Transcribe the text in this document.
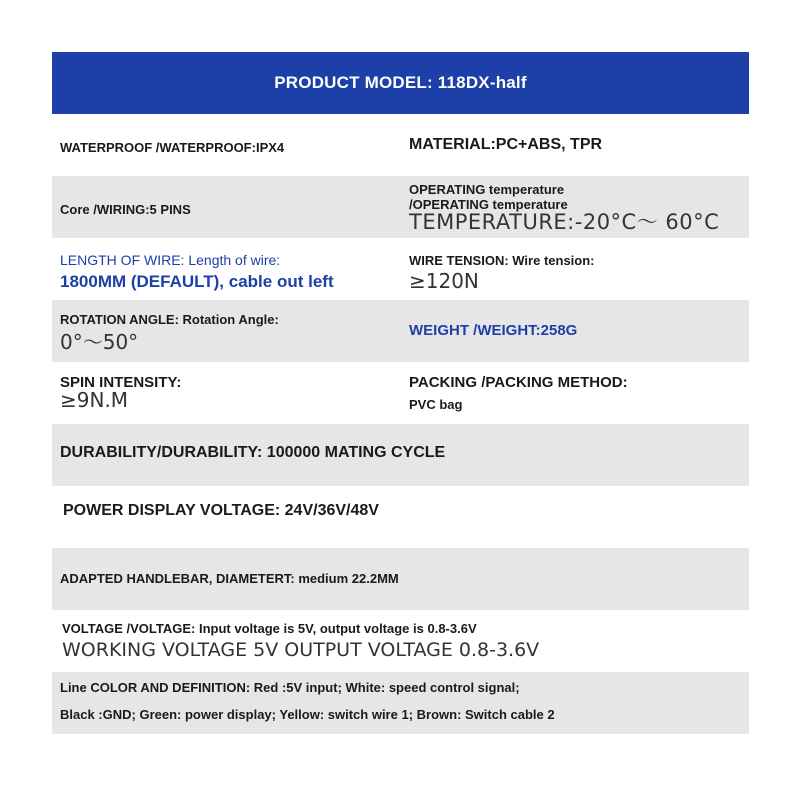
PRODUCT MODEL: 118DX-half
WATERPROOF /WATERPROOF:IPX4	MATERIAL:PC+ABS, TPR
Core /WIRING:5 PINS
OPERATING temperature
/OPERATING temperature
TEMPERATURE:-20°C～ 60°C
LENGTH OF WIRE: Length of wire:
1800MM (DEFAULT), cable out left
WIRE TENSION: Wire tension:
≥120N
ROTATION ANGLE: Rotation Angle:
0°～50°	WEIGHT /WEIGHT:258G
SPIN INTENSITY:
≥9N.M
PACKING /PACKING METHOD:
PVC bag
DURABILITY/DURABILITY: 100000 MATING CYCLE
POWER DISPLAY VOLTAGE: 24V/36V/48V
ADAPTED HANDLEBAR, DIAMETERT: medium 22.2MM
VOLTAGE /VOLTAGE: Input voltage is 5V, output voltage is 0.8-3.6V
WORKING VOLTAGE 5V OUTPUT VOLTAGE 0.8-3.6V
Line COLOR AND DEFINITION: Red :5V input; White: speed control signal;
Black :GND; Green: power display; Yellow: switch wire 1; Brown: Switch cable 2
